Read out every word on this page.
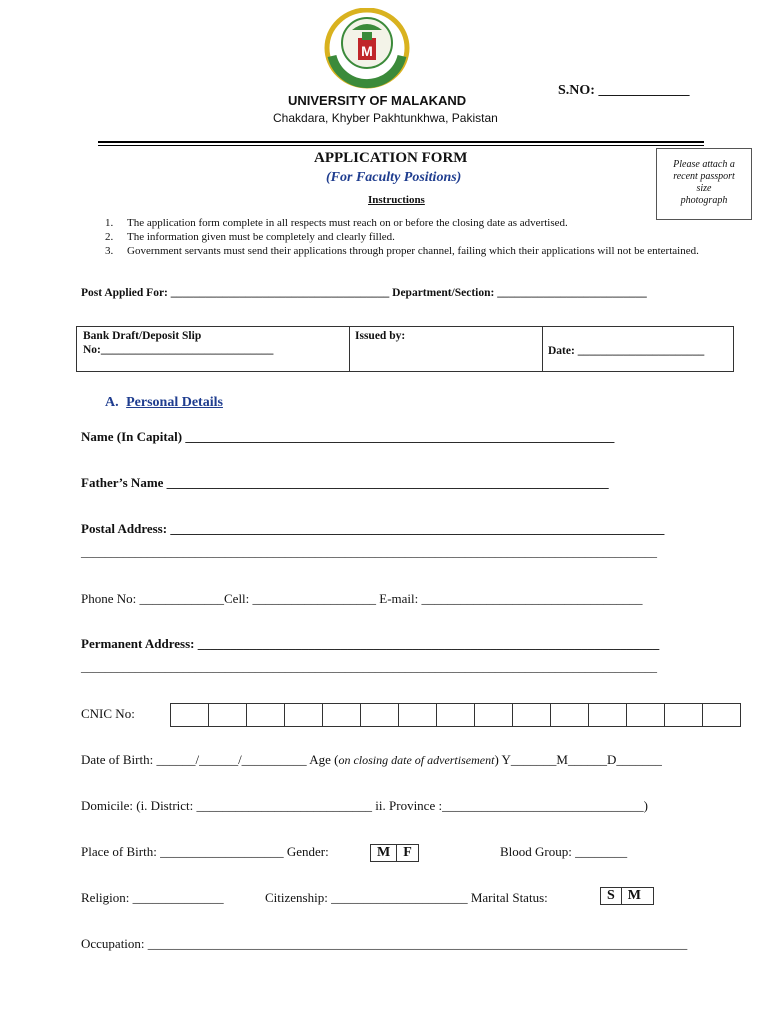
M
S.NO: _____________
UNIVERSITY OF MALAKAND
Chakdara, Khyber Pakhtunkhwa, Pakistan
APPLICATION FORM
(For Faculty Positions)
Instructions
Please attach a
recent passport
size
photograph
1. The application form complete in all respects must reach on or before the closing date as advertised.
2. The information given must be completely and clearly filled.
3. Government servants must send their applications through proper channel, failing which their applications will not be entertained.
Post Applied For: ______________________________________ Department/Section: __________________________
Bank Draft/Deposit Slip
No:______________________________
Issued by:
Date: ______________________
A. Personal Details
Name (In Capital) __________________________________________________________________
Father’s Name ____________________________________________________________________
Postal Address: ____________________________________________________________________________
________________________________________________________________________________________________
Phone No: _____________Cell: ___________________ E-mail: __________________________________
Permanent Address: _______________________________________________________________________
________________________________________________________________________________________________
CNIC No:
Date of Birth: ______/______/__________ Age (on closing date of advertisement) Y_______M______D_______
Domicile: (i. District: ___________________________ ii. Province :_______________________________)
Place of Birth: ___________________ Gender:	M F	Blood Group: ________
Religion: ______________	Citizenship: _____________________ Marital Status:	S M
Occupation: ___________________________________________________________________________________
